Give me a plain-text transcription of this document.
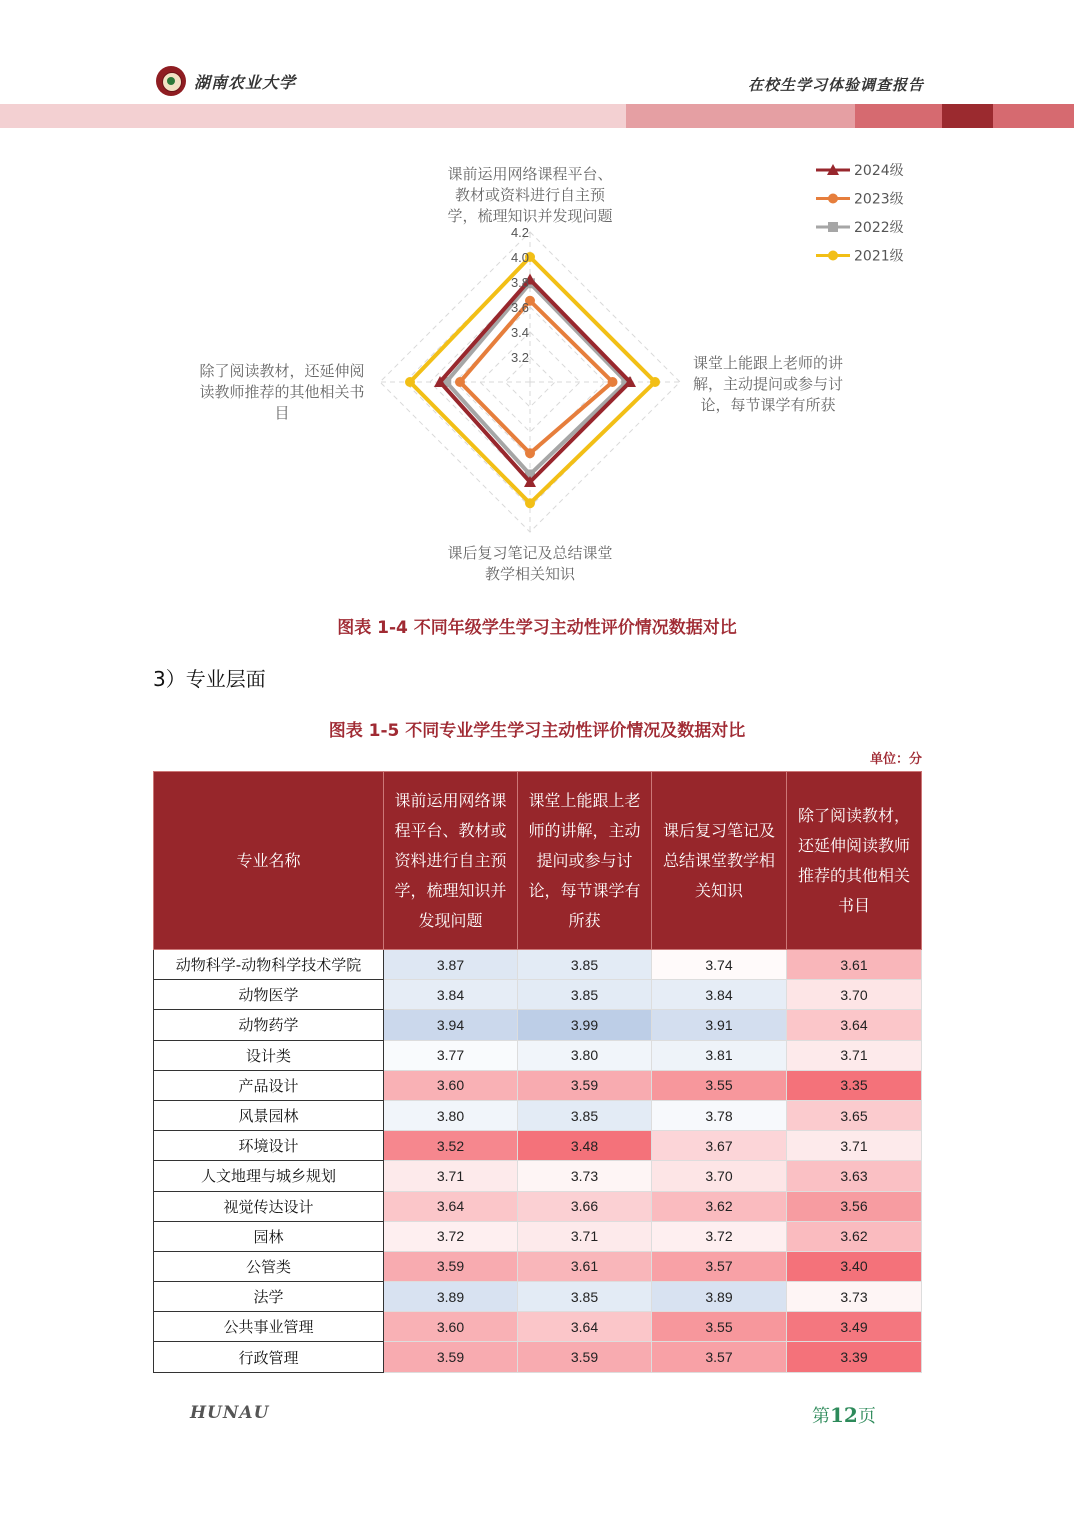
湖南农业大学	在校生学习体验调查报告
3.2
3.4
3.6
3.8
4.0
4.2
课前运用网络课程平台、
教材或资料进行自主预
学，梳理知识并发现问题
课堂上能跟上老师的讲
解，主动提问或参与讨
论，每节课学有所获
课后复习笔记及总结课堂
教学相关知识
除了阅读教材，还延伸阅
读教师推荐的其他相关书
目
2024级
2023级
2022级
2021级
图表 1-4 不同年级学生学习主动性评价情况数据对比
3）专业层面
图表 1-5 不同专业学生学习主动性评价情况及数据对比
单位：分
专业名称	课前运用网络课程平台、教材或资料进行自主预学，梳理知识并发现问题	课堂上能跟上老师的讲解，主动提问或参与讨论，每节课学有所获	课后复习笔记及总结课堂教学相关知识	除了阅读教材，还延伸阅读教师推荐的其他相关书目
动物科学-动物科学技术学院	3.87	3.85	3.74	3.61
动物医学	3.84	3.85	3.84	3.70
动物药学	3.94	3.99	3.91	3.64
设计类	3.77	3.80	3.81	3.71
产品设计	3.60	3.59	3.55	3.35
风景园林	3.80	3.85	3.78	3.65
环境设计	3.52	3.48	3.67	3.71
人文地理与城乡规划	3.71	3.73	3.70	3.63
视觉传达设计	3.64	3.66	3.62	3.56
园林	3.72	3.71	3.72	3.62
公管类	3.59	3.61	3.57	3.40
法学	3.89	3.85	3.89	3.73
公共事业管理	3.60	3.64	3.55	3.49
行政管理	3.59	3.59	3.57	3.39
HUNAU	第12页
